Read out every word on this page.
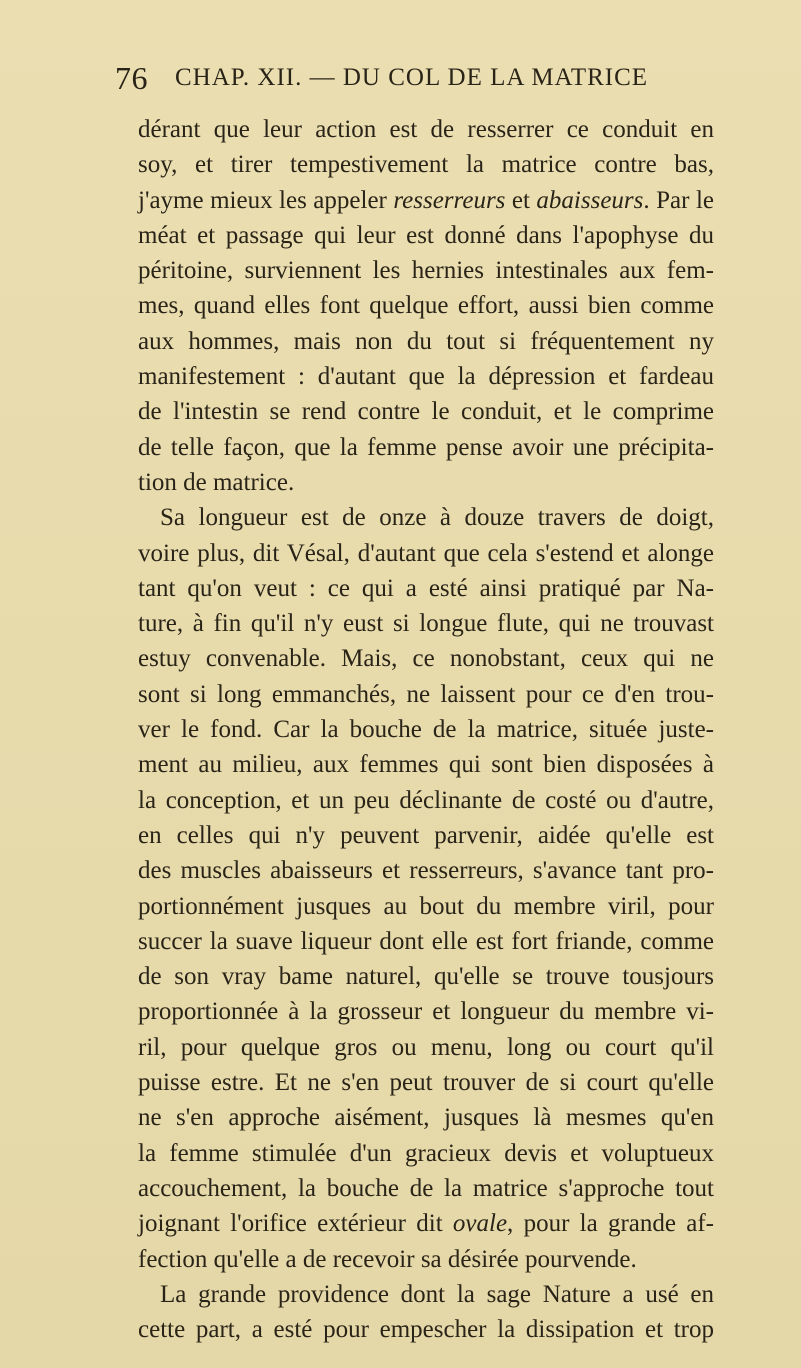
76 CHAP. XII. — DU COL DE LA MATRICE
dérant que leur action est de resserrer ce conduit en
soy, et tirer tempestivement la matrice contre bas,
j'ayme mieux les appeler resserreurs et abaisseurs. Par le
méat et passage qui leur est donné dans l'apophyse du
péritoine, surviennent les hernies intestinales aux fem-
mes, quand elles font quelque effort, aussi bien comme
aux hommes, mais non du tout si fréquentement ny
manifestement : d'autant que la dépression et fardeau
de l'intestin se rend contre le conduit, et le comprime
de telle façon, que la femme pense avoir une précipita-
tion de matrice.
Sa longueur est de onze à douze travers de doigt,
voire plus, dit Vésal, d'autant que cela s'estend et alonge
tant qu'on veut : ce qui a esté ainsi pratiqué par Na-
ture, à fin qu'il n'y eust si longue flute, qui ne trouvast
estuy convenable. Mais, ce nonobstant, ceux qui ne
sont si long emmanchés, ne laissent pour ce d'en trou-
ver le fond. Car la bouche de la matrice, située juste-
ment au milieu, aux femmes qui sont bien disposées à
la conception, et un peu déclinante de costé ou d'autre,
en celles qui n'y peuvent parvenir, aidée qu'elle est
des muscles abaisseurs et resserreurs, s'avance tant pro-
portionnément jusques au bout du membre viril, pour
succer la suave liqueur dont elle est fort friande, comme
de son vray bame naturel, qu'elle se trouve tousjours
proportionnée à la grosseur et longueur du membre vi-
ril, pour quelque gros ou menu, long ou court qu'il
puisse estre. Et ne s'en peut trouver de si court qu'elle
ne s'en approche aisément, jusques là mesmes qu'en
la femme stimulée d'un gracieux devis et voluptueux
accouchement, la bouche de la matrice s'approche tout
joignant l'orifice extérieur dit ovale, pour la grande af-
fection qu'elle a de recevoir sa désirée pourvende.
La grande providence dont la sage Nature a usé en
cette part, a esté pour empescher la dissipation et trop
